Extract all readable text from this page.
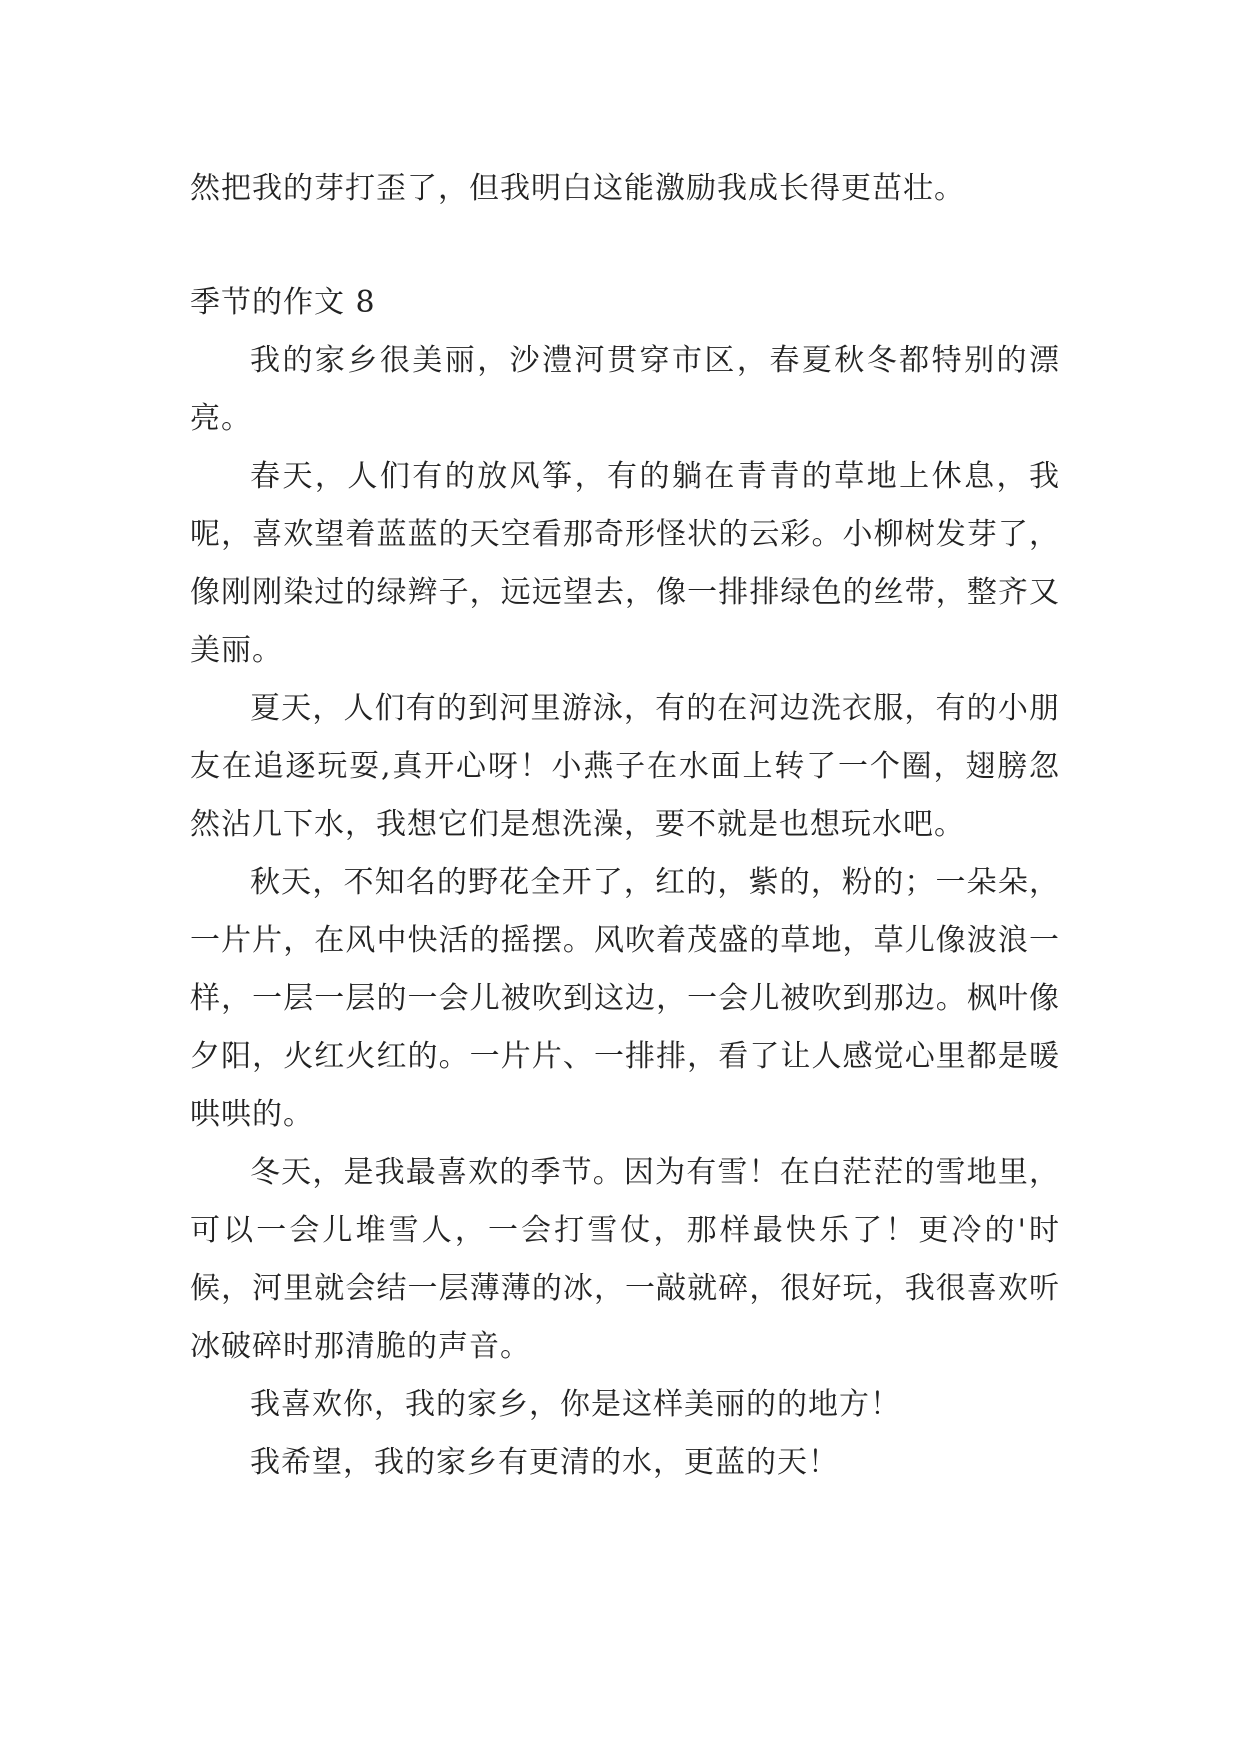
然把我的芽打歪了，但我明白这能激励我成长得更茁壮。

季节的作文 8

我的家乡很美丽，沙澧河贯穿市区，春夏秋冬都特别的漂亮。

春天，人们有的放风筝，有的躺在青青的草地上休息，我呢，喜欢望着蓝蓝的天空看那奇形怪状的云彩。小柳树发芽了，像刚刚染过的绿辫子，远远望去，像一排排绿色的丝带，整齐又美丽。

夏天，人们有的到河里游泳，有的在河边洗衣服，有的小朋友在追逐玩耍,真开心呀！小燕子在水面上转了一个圈，翅膀忽然沾几下水，我想它们是想洗澡，要不就是也想玩水吧。

秋天，不知名的野花全开了，红的，紫的，粉的；一朵朵，一片片，在风中快活的摇摆。风吹着茂盛的草地，草儿像波浪一样，一层一层的一会儿被吹到这边，一会儿被吹到那边。枫叶像夕阳，火红火红的。一片片、一排排，看了让人感觉心里都是暖哄哄的。

冬天，是我最喜欢的季节。因为有雪！在白茫茫的雪地里，可以一会儿堆雪人，一会打雪仗，那样最快乐了！更冷的'时候，河里就会结一层薄薄的冰，一敲就碎，很好玩，我很喜欢听冰破碎时那清脆的声音。

我喜欢你，我的家乡，你是这样美丽的的地方！

我希望，我的家乡有更清的水，更蓝的天！
